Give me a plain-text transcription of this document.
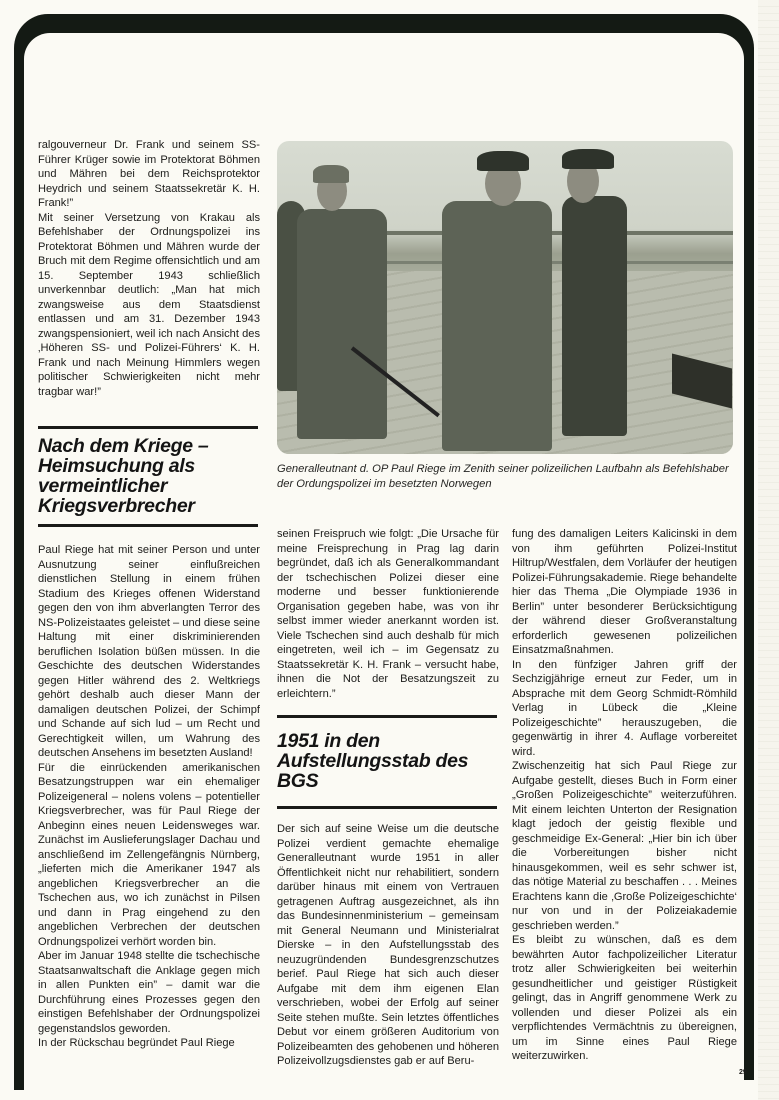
ralgouverneur Dr. Frank und seinem SS-Führer Krüger sowie im Protektorat Böhmen und Mähren bei dem Reichsprotektor Heydrich und seinem Staatssekretär K. H. Frank!”

Mit seiner Versetzung von Krakau als Befehlshaber der Ordnungspolizei ins Protektorat Böhmen und Mähren wurde der Bruch mit dem Regime offensichtlich und am 15. September 1943 schließlich unverkennbar deutlich: „Man hat mich zwangsweise aus dem Staatsdienst entlassen und am 31. Dezember 1943 zwangspensioniert, weil ich nach Ansicht des ‚Höheren SS- und Polizei-Führers‘ K. H. Frank und nach Meinung Himmlers wegen politischer Schwierigkeiten nicht mehr tragbar war!”

Nach dem Kriege – Heimsuchung als vermeintlicher Kriegsverbrecher

Paul Riege hat mit seiner Person und unter Ausnutzung seiner einflußreichen dienstlichen Stellung in einem frühen Stadium des Krieges offenen Widerstand gegen den von ihm abverlangten Terror des NS-Polizeistaates geleistet – und diese seine Haltung mit einer diskriminierenden beruflichen Isolation büßen müssen. In die Geschichte des deutschen Widerstandes gegen Hitler während des 2. Weltkriegs gehört deshalb auch dieser Mann der damaligen deutschen Polizei, der Schimpf und Schande auf sich lud – um Recht und Gerechtigkeit willen, um Wahrung des deutschen Ansehens im besetzten Ausland!

Für die einrückenden amerikanischen Besatzungstruppen war ein ehemaliger Polizeigeneral – nolens volens – potentieller Kriegsverbrecher, was für Paul Riege der Anbeginn eines neuen Leidensweges war. Zunächst im Auslieferungslager Dachau und anschließend im Zellengefängnis Nürnberg, „lieferten mich die Amerikaner 1947 als angeblichen Kriegsverbrecher an die Tschechen aus, wo ich zunächst in Pilsen und dann in Prag eingehend zu den angeblichen Verbrechen der deutschen Ordnungspolizei verhört worden bin.

Aber im Januar 1948 stellte die tschechische Staatsanwaltschaft die Anklage gegen mich in allen Punkten ein” – damit war die Durchführung eines Prozesses gegen den einstigen Befehlshaber der Ordnungspolizei gegenstandslos geworden.

In der Rückschau begründet Paul Riege

Generalleutnant d. OP Paul Riege im Zenith seiner polizeilichen Laufbahn als Befehlshaber der Ordungspolizei im besetzten Norwegen

seinen Freispruch wie folgt: „Die Ursache für meine Freisprechung in Prag lag darin begründet, daß ich als Generalkommandant der tschechischen Polizei dieser eine moderne und besser funktionierende Organisation gegeben habe, was von ihr selbst immer wieder anerkannt worden ist. Viele Tschechen sind auch deshalb für mich eingetreten, weil ich – im Gegensatz zu Staatssekretär K. H. Frank – versucht habe, ihnen die Not der Besatzungszeit zu erleichtern.”

1951 in den Aufstellungsstab des BGS

Der sich auf seine Weise um die deutsche Polizei verdient gemachte ehemalige Generalleutnant wurde 1951 in aller Öffentlichkeit nicht nur rehabilitiert, sondern darüber hinaus mit einem von Vertrauen getragenen Auftrag ausgezeichnet, als ihn das Bundesinnenministerium – gemeinsam mit General Neumann und Ministerialrat Dierske – in den Aufstellungsstab des neuzugründenden Bundesgrenzschutzes berief. Paul Riege hat sich auch dieser Aufgabe mit dem ihm eigenen Elan verschrieben, wobei der Erfolg auf seiner Seite stehen mußte. Sein letztes öffentliches Debut vor einem größeren Auditorium von Polizeibeamten des gehobenen und höheren Polizeivollzugsdienstes gab er auf Beru-

fung des damaligen Leiters Kalicinski in dem von ihm geführten Polizei-Institut Hiltrup/Westfalen, dem Vorläufer der heutigen Polizei-Führungsakademie. Riege behandelte hier das Thema „Die Olympiade 1936 in Berlin” unter besonderer Berücksichtigung der während dieser Großveranstaltung erforderlich gewesenen polizeilichen Einsatzmaßnahmen.

In den fünfziger Jahren griff der Sechzigjährige erneut zur Feder, um in Absprache mit dem Georg Schmidt-Römhild Verlag in Lübeck die „Kleine Polizeigeschichte” herauszugeben, die gegenwärtig in ihrer 4. Auflage vorbereitet wird.

Zwischenzeitig hat sich Paul Riege zur Aufgabe gestellt, dieses Buch in Form einer „Großen Polizeigeschichte” weiterzuführen. Mit einem leichten Unterton der Resignation klagt jedoch der geistig flexible und geschmeidige Ex-General: „Hier bin ich über die Vorbereitungen bisher nicht hinausgekommen, weil es sehr schwer ist, das nötige Material zu beschaffen . . . Meines Erachtens kann die ‚Große Polizeigeschichte‘ nur von und in der Polizeiakademie geschrieben werden.”

Es bleibt zu wünschen, daß es dem bewährten Autor fachpolizeilicher Literatur trotz aller Schwierigkeiten bei weiterhin gesundheitlicher und geistiger Rüstigkeit gelingt, das in Angriff genommene Werk zu vollenden und dieser Polizei als ein verpflichtendes Vermächtnis zu übereignen, um im Sinne eines Paul Riege weiterzuwirken.

29
